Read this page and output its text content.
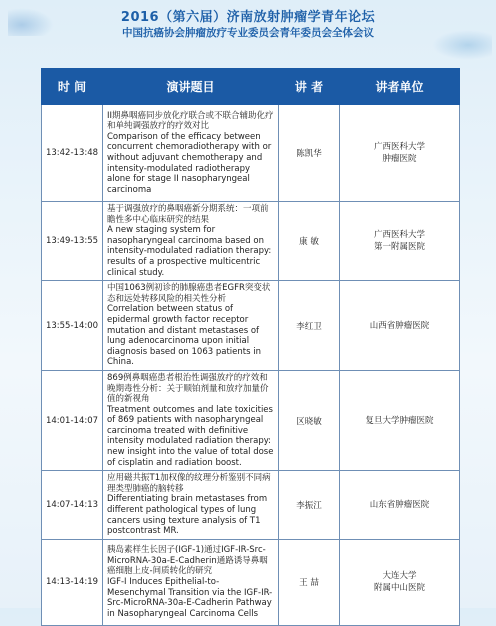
2016（第六届）济南放射肿瘤学青年论坛
中国抗癌协会肿瘤放疗专业委员会青年委员会全体会议
时 间	演讲题目	讲 者	讲者单位
13:42-13:48	II期鼻咽癌同步放化疗联合或不联合辅助化疗和单纯调强放疗的疗效对比
Comparison of the efficacy between concurrent chemoradiotherapy with or without adjuvant chemotherapy and intensity-modulated radiotherapy alone for stage II nasopharyngeal carcinoma	陈凯华	广西医科大学
肿瘤医院

13:49-13:55	基于调强放疗的鼻咽癌新分期系统：一项前瞻性多中心临床研究的结果
A new staging system for nasopharyngeal carcinoma based on intensity-modulated radiation therapy: results of a prospective multicentric clinical study.	康 敏	广西医科大学
第一附属医院

13:55-14:00	中国1063例初诊的肺腺癌患者EGFR突变状态和远处转移风险的相关性分析
Correlation between status of epidermal growth factor receptor mutation and distant metastases of lung adenocarcinoma upon initial diagnosis based on 1063 patients in China.	李红卫	山西省肿瘤医院

14:01-14:07	869例鼻咽癌患者根治性调强放疗的疗效和晚期毒性分析：关于顺铂剂量和放疗加量价值的新视角
Treatment outcomes and late toxicities of 869 patients with nasopharyngeal carcinoma treated with definitive intensity modulated radiation therapy: new insight into the value of total dose of cisplatin and radiation boost.	区晓敏	复旦大学肿瘤医院

14:07-14:13	应用磁共振T1加权像的纹理分析鉴别不同病理类型肺癌的脑转移
Differentiating brain metastases from different pathological types of lung cancers using texture analysis of T1 postcontrast MR.	李振江	山东省肿瘤医院

14:13-14:19	胰岛素样生长因子(IGF-1)通过IGF-IR-Src-MicroRNA-30a-E-Cadherin通路诱导鼻咽癌细胞上皮-间质转化的研究
IGF-I Induces Epithelial-to-Mesenchymal Transition via the IGF-IR-Src-MicroRNA-30a-E-Cadherin Pathway in Nasopharyngeal Carcinoma Cells	王 喆	大连大学
附属中山医院
